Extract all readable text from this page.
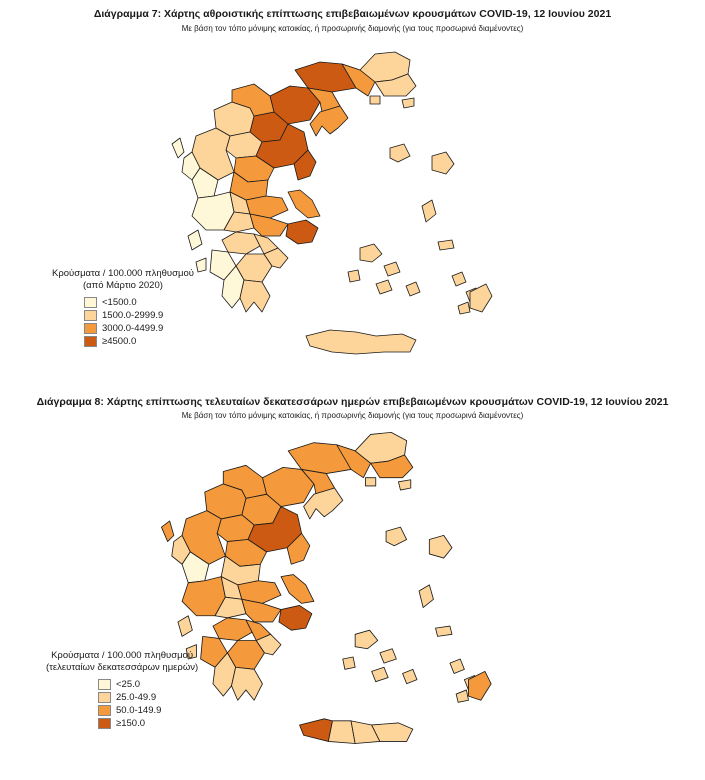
Διάγραμμα 7: Χάρτης αθροιστικής επίπτωσης επιβεβαιωμένων κρουσμάτων COVID-19, 12 Ιουνίου 2021
Με βάση τον τόπο μόνιμης κατοικίας, ή προσωρινής διαμονής (για τους προσωρινά διαμένοντες)
Κρούσματα / 100.000 πληθυσμού
(από Μάρτιο 2020)
<1500.0
1500.0-2999.9
3000.0-4499.9
≥4500.0
Διάγραμμα 8: Χάρτης επίπτωσης τελευταίων δεκατεσσάρων ημερών επιβεβαιωμένων κρουσμάτων COVID-19, 12 Ιουνίου 2021
Με βάση τον τόπο μόνιμης κατοικίας, ή προσωρινής διαμονής (για τους προσωρινά διαμένοντες)
Κρούσματα / 100.000 πληθυσμού
(τελευταίων δεκατεσσάρων ημερών)
<25.0
25.0-49.9
50.0-149.9
≥150.0
